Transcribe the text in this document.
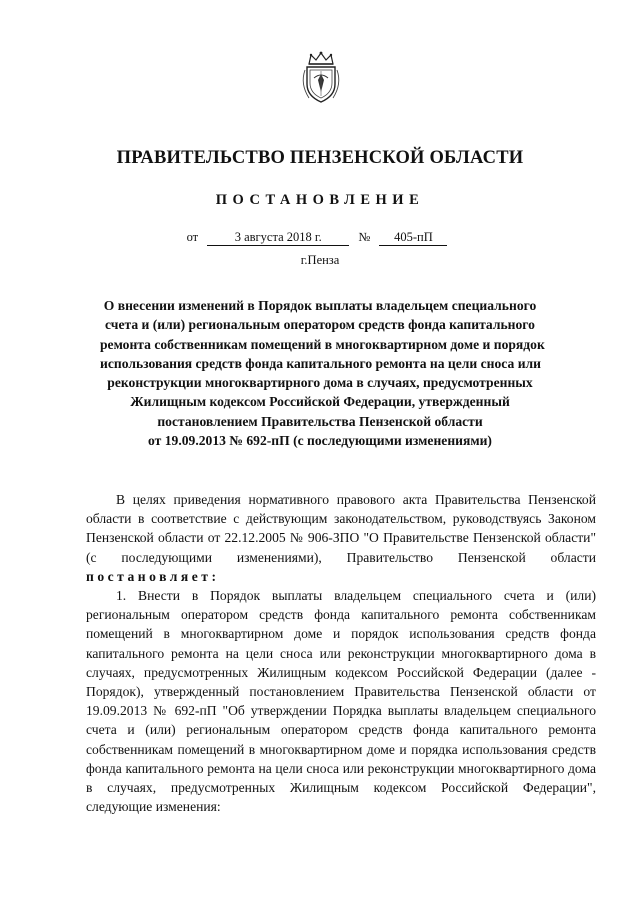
ПРАВИТЕЛЬСТВО ПЕНЗЕНСКОЙ ОБЛАСТИ
ПОСТАНОВЛЕНИЕ
от	3 августа 2018 г.	№ 405-пП
г.Пенза
О внесении изменений в Порядок выплаты владельцем специального
счета и (или) региональным оператором средств фонда капитального
ремонта собственникам помещений в многоквартирном доме и порядок
использования средств фонда капитального ремонта на цели сноса или
реконструкции многоквартирного дома в случаях, предусмотренных
Жилищным кодексом Российской Федерации, утвержденный
постановлением Правительства Пензенской области
от 19.09.2013 № 692-пП (с последующими изменениями)

В целях приведения нормативного правового акта Правительства Пензенской области в соответствие с действующим законодательством, руководствуясь Законом Пензенской области от 22.12.2005 № 906-ЗПО "О Правительстве Пензенской области" (с последующими изменениями), Правительство Пензенской области постановляет:

1. Внести в Порядок выплаты владельцем специального счета и (или) региональным оператором средств фонда капитального ремонта собственникам помещений в многоквартирном доме и порядок использования средств фонда капитального ремонта на цели сноса или реконструкции многоквартирного дома в случаях, предусмотренных Жилищным кодексом Российской Федерации (далее - Порядок), утвержденный постановлением Правительства Пензенской области от 19.09.2013 № 692-пП "Об утверждении Порядка выплаты владельцем специального счета и (или) региональным оператором средств фонда капитального ремонта собственникам помещений в многоквартирном доме и порядка использования средств фонда капитального ремонта на цели сноса или реконструкции многоквартирного дома в случаях, предусмотренных Жилищным кодексом Российской Федерации", следующие изменения:
